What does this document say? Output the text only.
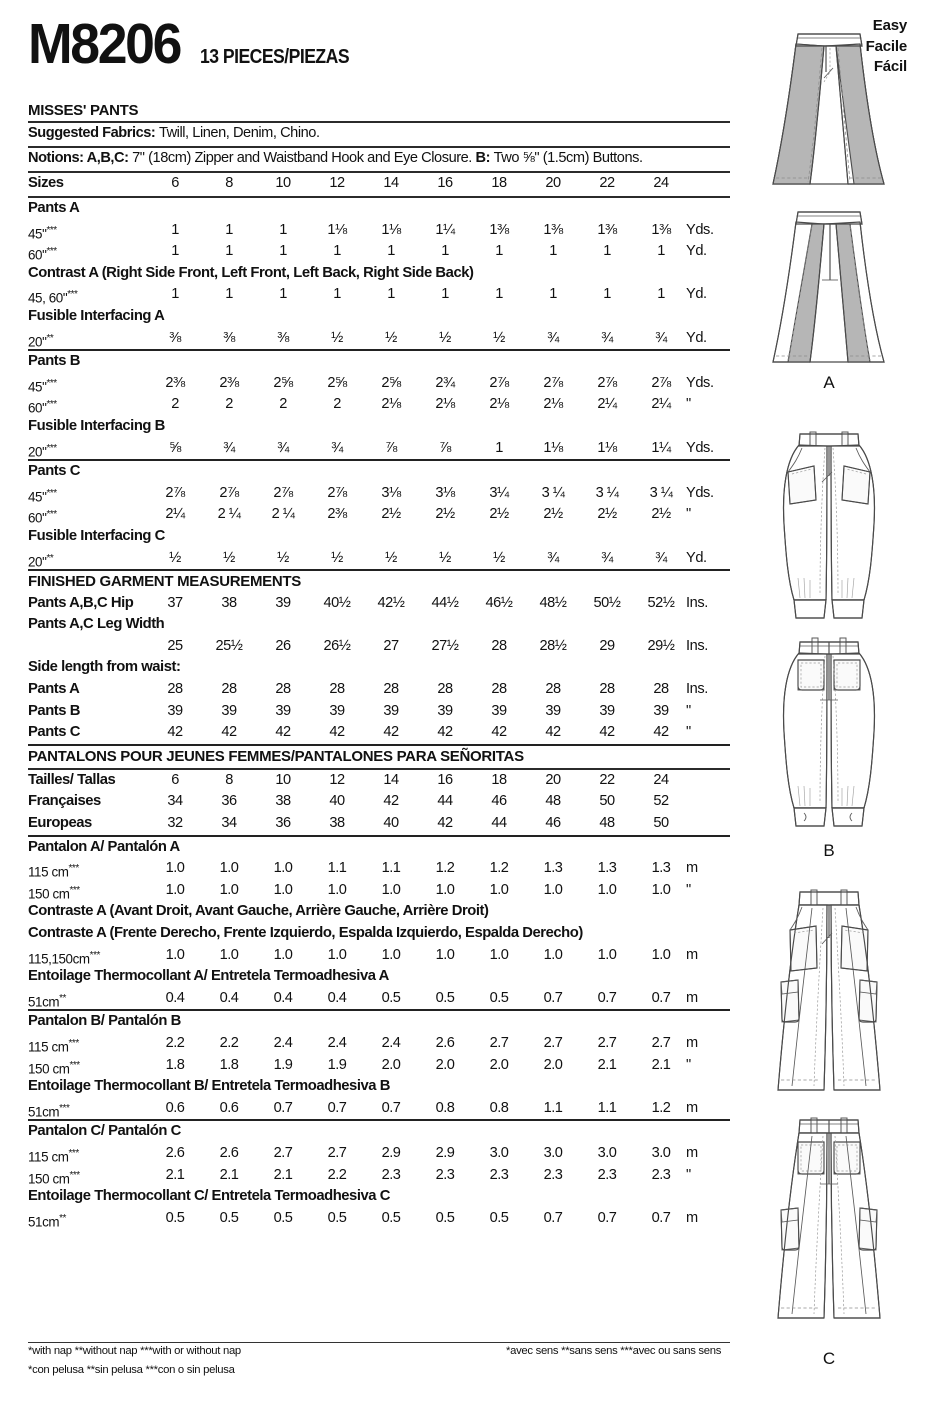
M8206 13 PIECES/PIEZAS
Easy
Facile
Fácil
MISSES' PANTS
Suggested Fabrics: Twill, Linen, Denim, Chino.
Notions: A,B,C: 7" (18cm) Zipper and Waistband Hook and Eye Closure. B: Two ⅝" (1.5cm) Buttons.
Sizes	6	8	10	12	14	16	18	20	22	24
Pants A
45"***	1	1	1	1⅛	1⅛	1¼	1⅜	1⅜	1⅜	1⅜	Yds.
60"***	1	1	1	1	1	1	1	1	1	1	Yd.
Contrast A (Right Side Front, Left Front, Left Back, Right Side Back)
45, 60"***	1	1	1	1	1	1	1	1	1	1	Yd.
Fusible Interfacing A
20"**	⅜	⅜	⅜	½	½	½	½	¾	¾	¾	Yd.
Pants B
45"***	2⅜	2⅜	2⅝	2⅝	2⅝	2¾	2⅞	2⅞	2⅞	2⅞	Yds.
60"***	2	2	2	2	2⅛	2⅛	2⅛	2⅛	2¼	2¼	"
Fusible Interfacing B
20"***	⅝	¾	¾	¾	⅞	⅞	1	1⅛	1⅛	1¼	Yds.
Pants C
45"***	2⅞	2⅞	2⅞	2⅞	3⅛	3⅛	3¼	3 ¼	3 ¼	3 ¼ Yds.
60"***	2¼	2 ¼	2 ¼	2⅜	2½	2½	2½	2½	2½	2½	"
Fusible Interfacing C
20"**	½	½	½	½	½	½	½	¾	¾	¾	Yd.
FINISHED GARMENT MEASUREMENTS
Pants A,B,C Hip	37	38	39	40½	42½	44½	46½	48½	50½	52½ Ins.
Pants A,C Leg Width
25	25½	26	26½	27	27½	28	28½	29	29½ Ins.
Side length from waist:
Pants A	28	28	28	28	28	28	28	28	28	28	Ins.
Pants B	39	39	39	39	39	39	39	39	39	39	"
Pants C	42	42	42	42	42	42	42	42	42	42	"
PANTALONS POUR JEUNES FEMMES/PANTALONES PARA SEÑORITAS
Tailles/ Tallas	6	8	10	12	14	16	18	20	22	24
Françaises	34	36	38	40	42	44	46	48	50	52
Europeas	32	34	36	38	40	42	44	46	48	50
Pantalon A/ Pantalón A
115 cm***	1.0	1.0	1.0	1.1	1.1	1.2	1.2	1.3	1.3	1.3	m
150 cm***	1.0	1.0	1.0	1.0	1.0	1.0	1.0	1.0	1.0	1.0	"
Contraste A (Avant Droit, Avant Gauche, Arrière Gauche, Arrière Droit)
Contraste A (Frente Derecho, Frente Izquierdo, Espalda Izquierdo, Espalda Derecho)
115,150cm***	1.0	1.0	1.0	1.0	1.0	1.0	1.0	1.0	1.0	1.0	m
Entoilage Thermocollant A/ Entretela Termoadhesiva A
51cm**	0.4	0.4	0.4	0.4	0.5	0.5	0.5	0.7	0.7	0.7	m
Pantalon B/ Pantalón B
115 cm***	2.2	2.2	2.4	2.4	2.4	2.6	2.7	2.7	2.7	2.7	m
150 cm***	1.8	1.8	1.9	1.9	2.0	2.0	2.0	2.0	2.1	2.1	"
Entoilage Thermocollant B/ Entretela Termoadhesiva B
51cm***	0.6	0.6	0.7	0.7	0.7	0.8	0.8	1.1	1.1	1.2	m
Pantalon C/ Pantalón C
115 cm***	2.6	2.6	2.7	2.7	2.9	2.9	3.0	3.0	3.0	3.0	m
150 cm***	2.1	2.1	2.1	2.2	2.3	2.3	2.3	2.3	2.3	2.3	"
Entoilage Thermocollant C/ Entretela Termoadhesiva C
51cm**	0.5	0.5	0.5	0.5	0.5	0.5	0.5	0.7	0.7	0.7	m
*with nap **without nap ***with or without nap	*avec sens **sans sens ***avec ou sans sens
*con pelusa **sin pelusa ***con o sin pelusa
A
B
C
